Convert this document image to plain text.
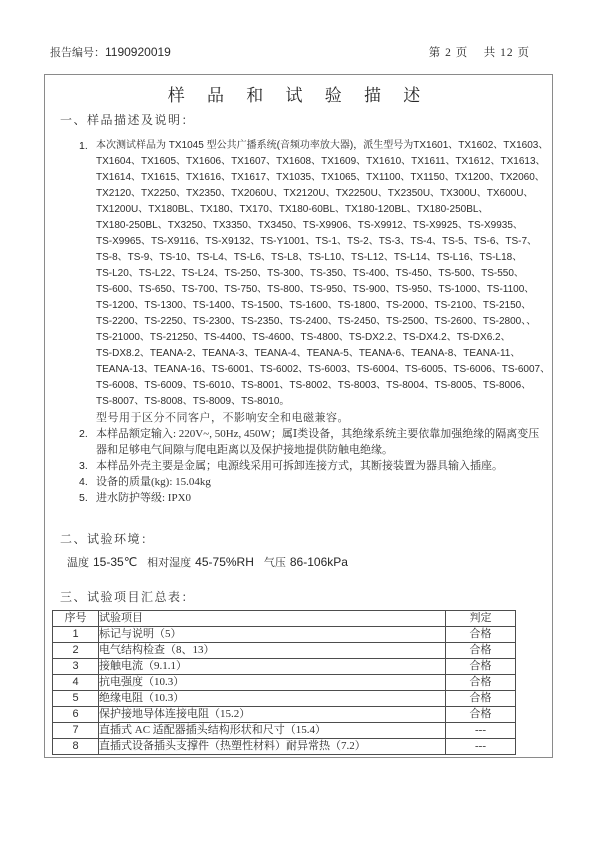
报告编号：1190920019	第 2 页    共 12 页
样 品 和 试 验 描 述
一、样品描述及说明：
1. 本次测试样品为 TX1045 型公共广播系统(音频功率放大器)，派生型号为TX1601、TX1602、TX1603、
TX1604、TX1605、TX1606、TX1607、TX1608、TX1609、TX1610、TX1611、TX1612、TX1613、
TX1614、TX1615、TX1616、TX1617、TX1035、TX1065、TX1100、TX1150、TX1200、TX2060、
TX2120、TX2250、TX2350、TX2060U、TX2120U、TX2250U、TX2350U、TX300U、TX600U、
TX1200U、TX180BL、TX180、TX170、TX180-60BL、TX180-120BL、TX180-250BL、
TX180-250BL、TX3250、TX3350、TX3450、TS-X9906、TS-X9912、TS-X9925、TS-X9935、
TS-X9965、TS-X9116、TS-X9132、TS-Y1001、TS-1、TS-2、TS-3、TS-4、TS-5、TS-6、TS-7、
TS-8、TS-9、TS-10、TS-L4、TS-L6、TS-L8、TS-L10、TS-L12、TS-L14、TS-L16、TS-L18、
TS-L20、TS-L22、TS-L24、TS-250、TS-300、TS-350、TS-400、TS-450、TS-500、TS-550、
TS-600、TS-650、TS-700、TS-750、TS-800、TS-950、TS-900、TS-950、TS-1000、TS-1100、
TS-1200、TS-1300、TS-1400、TS-1500、TS-1600、TS-1800、TS-2000、TS-2100、TS-2150、
TS-2200、TS-2250、TS-2300、TS-2350、TS-2400、TS-2450、TS-2500、TS-2600、TS-2800、、
TS-21000、TS-21250、TS-4400、TS-4600、TS-4800、TS-DX2.2、TS-DX4.2、TS-DX6.2、
TS-DX8.2、TEANA-2、TEANA-3、TEANA-4、TEANA-5、TEANA-6、TEANA-8、TEANA-11、
TEANA-13、TEANA-16、TS-6001、TS-6002、TS-6003、TS-6004、TS-6005、TS-6006、TS-6007、
TS-6008、TS-6009、TS-6010、TS-8001、TS-8002、TS-8003、TS-8004、TS-8005、TS-8006、
TS-8007、TS-8008、TS-8009、TS-8010。
型号用于区分不同客户，不影响安全和电磁兼容。
2. 本样品额定输入: 220V~, 50Hz, 450W；属Ⅰ类设备，其绝缘系统主要依靠加强绝缘的隔离变压
器和足够电气间隙与爬电距离以及保护接地提供防触电绝缘。
3. 本样品外壳主要是金属；电源线采用可拆卸连接方式，其断接装置为器具输入插座。
4. 设备的质量(kg): 15.04kg
5. 进水防护等级: IPX0
二、试验环境：
温度 15-35℃ 相对湿度 45-75%RH 气压 86-106kPa
三、试验项目汇总表：
序号	试验项目	判定
1	标记与说明（5）	合格
2	电气结构检查（8、13）	合格
3	接触电流（9.1.1）	合格
4	抗电强度（10.3）	合格
5	绝缘电阻（10.3）	合格
6	保护接地导体连接电阻（15.2）	合格
7	直插式 AC 适配器插头结构形状和尺寸（15.4）	---
8	直插式设备插头支撑件（热塑性材料）耐异常热（7.2）	---
